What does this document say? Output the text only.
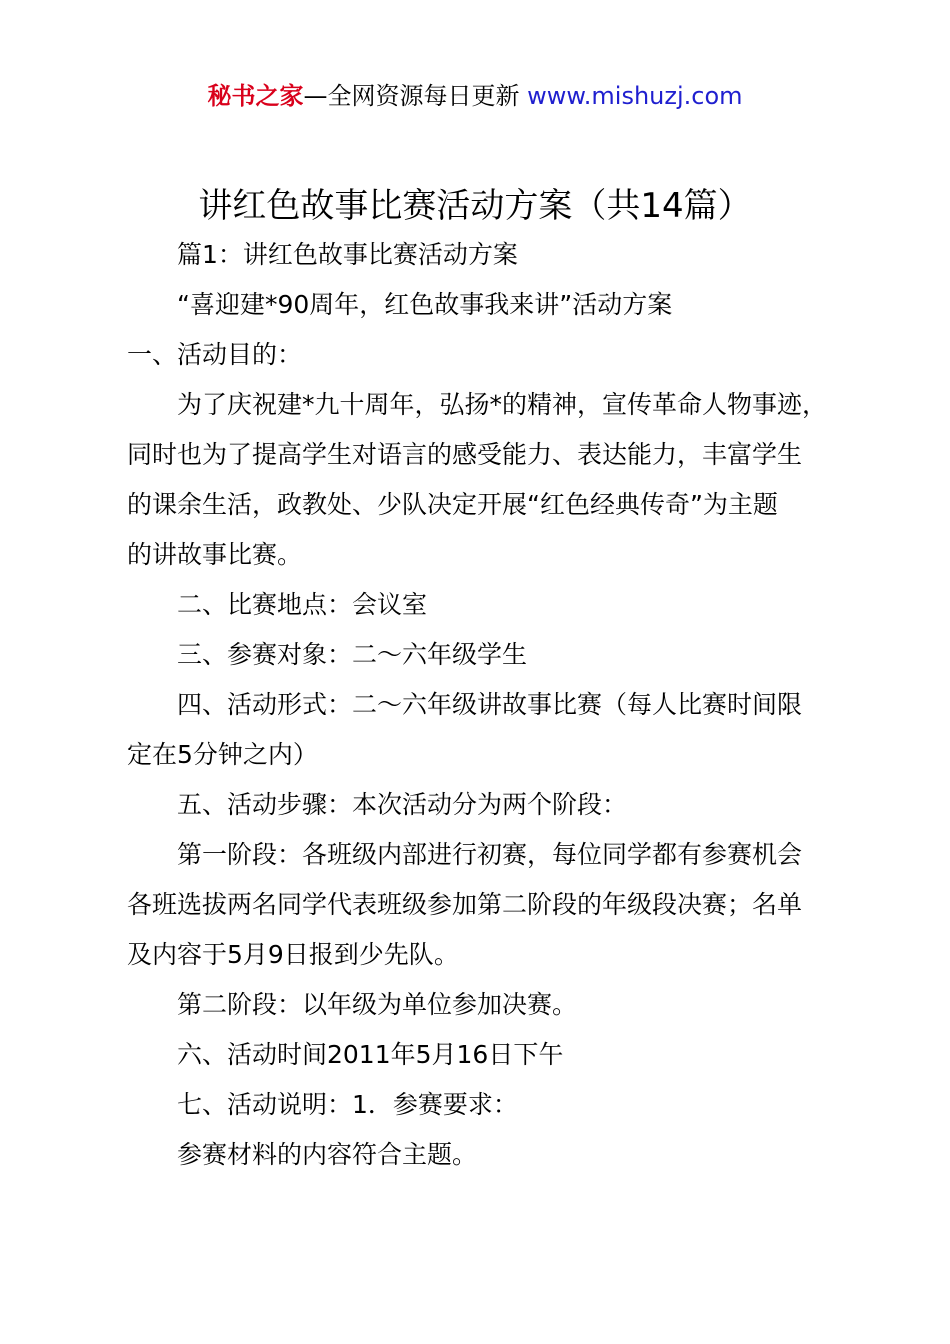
秘书之家—全网资源每日更新 www.mishuzj.com
讲红色故事比赛活动方案（共14篇）
篇1：讲红色故事比赛活动方案
“喜迎建*90周年，红色故事我来讲”活动方案
一、活动目的：
为了庆祝建*九十周年，弘扬*的精神，宣传革命人物事迹，
同时也为了提高学生对语言的感受能力、表达能力，丰富学生
的课余生活，政教处、少队决定开展“红色经典传奇”为主题
的讲故事比赛。
二、比赛地点：会议室
三、参赛对象：二～六年级学生
四、活动形式：二～六年级讲故事比赛（每人比赛时间限
定在5分钟之内）
五、活动步骤：本次活动分为两个阶段：
第一阶段：各班级内部进行初赛，每位同学都有参赛机会
各班选拔两名同学代表班级参加第二阶段的年级段决赛；名单
及内容于5月9日报到少先队。
第二阶段：以年级为单位参加决赛。
六、活动时间2011年5月16日下午
七、活动说明：1．参赛要求：
参赛材料的内容符合主题。
